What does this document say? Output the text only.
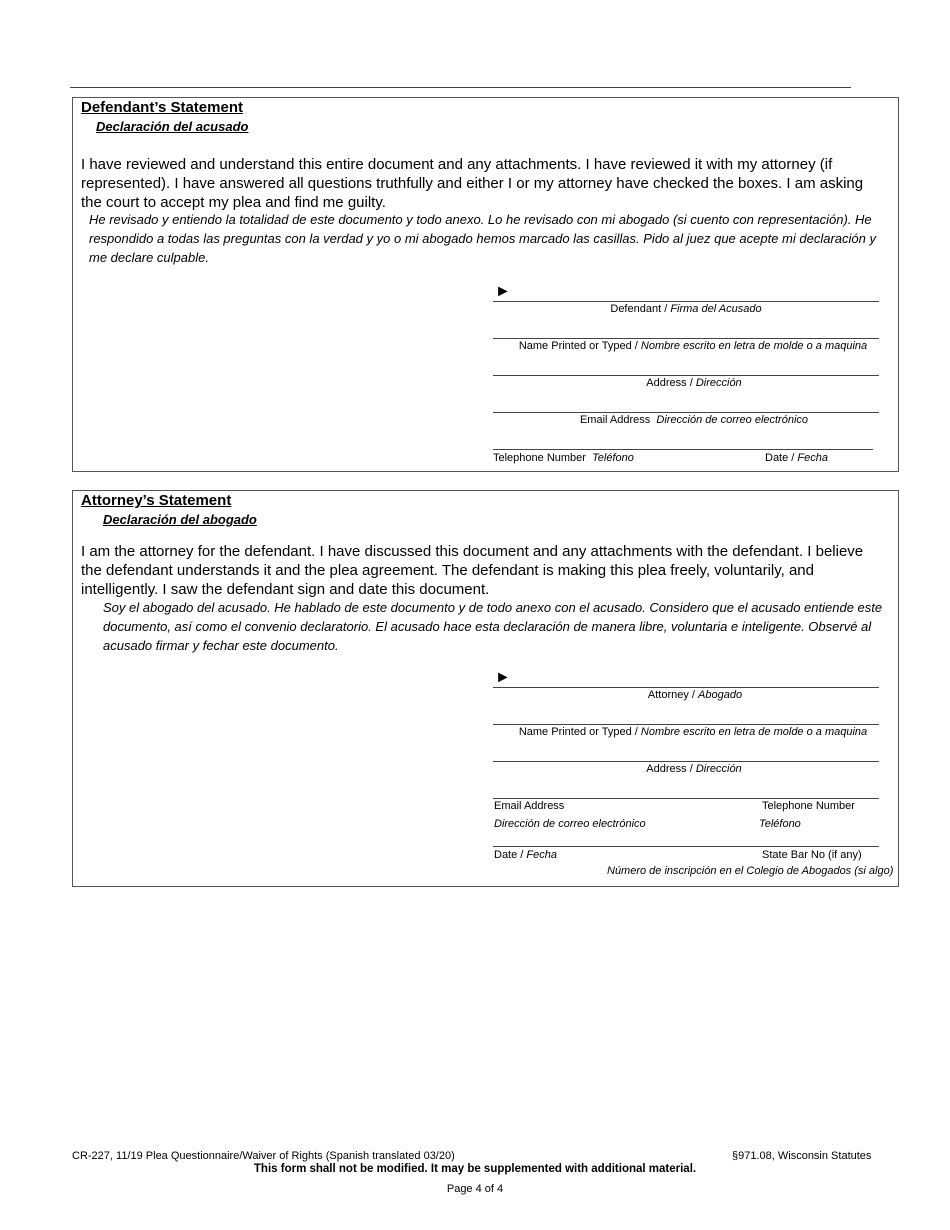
Defendant’s Statement
Declaración del acusado
I have reviewed and understand this entire document and any attachments. I have reviewed it with my attorney (if represented). I have answered all questions truthfully and either I or my attorney have checked the boxes. I am asking the court to accept my plea and find me guilty.
He revisado y entiendo la totalidad de este documento y todo anexo. Lo he revisado con mi abogado (si cuento con representación). He respondido a todas las preguntas con la verdad y yo o mi abogado hemos marcado las casillas. Pido al juez que acepte mi declaración y me declare culpable.
►
Defendant / Firma del Acusado
Name Printed or Typed / Nombre escrito en letra de molde o a maquina
Address / Dirección
Email Address Dirección de correo electrónico
Telephone Number Teléfono	Date / Fecha
Attorney’s Statement
Declaración del abogado
I am the attorney for the defendant. I have discussed this document and any attachments with the defendant. I believe the defendant understands it and the plea agreement. The defendant is making this plea freely, voluntarily, and intelligently. I saw the defendant sign and date this document.
Soy el abogado del acusado. He hablado de este documento y de todo anexo con el acusado. Considero que el acusado entiende este documento, así como el convenio declaratorio. El acusado hace esta declaración de manera libre, voluntaria e inteligente. Observé al acusado firmar y fechar este documento.
►
Attorney / Abogado
Name Printed or Typed / Nombre escrito en letra de molde o a maquina
Address / Dirección
Email Address
Dirección de correo electrónico
Telephone Number
Teléfono
Date / Fecha	State Bar No (if any)
Número de inscripción en el Colegio de Abogados (si algo)
CR-227, 11/19 Plea Questionnaire/Waiver of Rights (Spanish translated 03/20)	§971.08, Wisconsin Statutes
This form shall not be modified. It may be supplemented with additional material.
Page 4 of 4
